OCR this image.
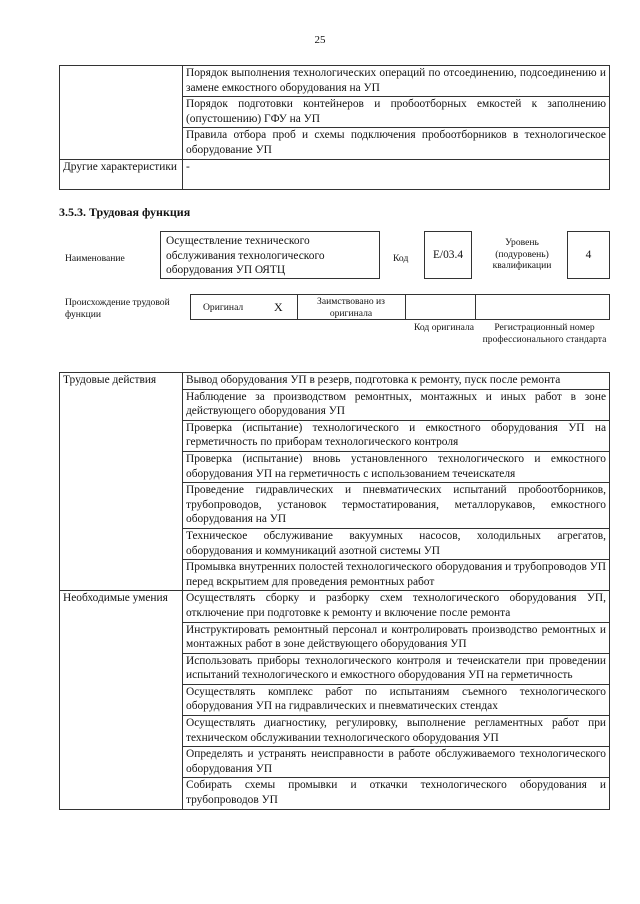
25
	Порядок выполнения технологических операций по отсоединению, подсоединению и замене емкостного оборудования на УП
	Порядок подготовки контейнеров и пробоотборных емкостей к заполнению (опустошению) ГФУ на УП
	Правила отбора проб и схемы подключения пробоотборников в технологическое оборудование УП
Другие характеристики	-
3.5.3. Трудовая функция
Наименование
Осуществление технического обслуживания технологического оборудования УП ОЯТЦ
Код	E/03.4
Уровень (подуровень) квалификации
4
Происхождение трудовой функции
Оригинал	X	Заимствовано из оригинала
Код оригинала	Регистрационный номер профессионального стандарта
Трудовые действия	Вывод оборудования УП в резерв, подготовка к ремонту, пуск после ремонта
	Наблюдение за производством ремонтных, монтажных и иных работ в зоне действующего оборудования УП
	Проверка (испытание) технологического и емкостного оборудования УП на герметичность по приборам технологического контроля
	Проверка (испытание) вновь установленного технологического и емкостного оборудования УП на герметичность с использованием течеискателя
	Проведение гидравлических и пневматических испытаний пробоотборников, трубопроводов, установок термостатирования, металлорукавов, емкостного оборудования на УП
	Техническое обслуживание вакуумных насосов, холодильных агрегатов, оборудования и коммуникаций азотной системы УП
	Промывка внутренних полостей технологического оборудования и трубопроводов УП перед вскрытием для проведения ремонтных работ
Необходимые умения	Осуществлять сборку и разборку схем технологического оборудования УП, отключение при подготовке к ремонту и включение после ремонта
	Инструктировать ремонтный персонал и контролировать производство ремонтных и монтажных работ в зоне действующего оборудования УП
	Использовать приборы технологического контроля и течеискатели при проведении испытаний технологического и емкостного оборудования УП на герметичность
	Осуществлять комплекс работ по испытаниям съемного технологического оборудования УП на гидравлических и пневматических стендах
	Осуществлять диагностику, регулировку, выполнение регламентных работ при техническом обслуживании технологического оборудования УП
	Определять и устранять неисправности в работе обслуживаемого технологического оборудования УП
	Собирать схемы промывки и откачки технологического оборудования и трубопроводов УП
